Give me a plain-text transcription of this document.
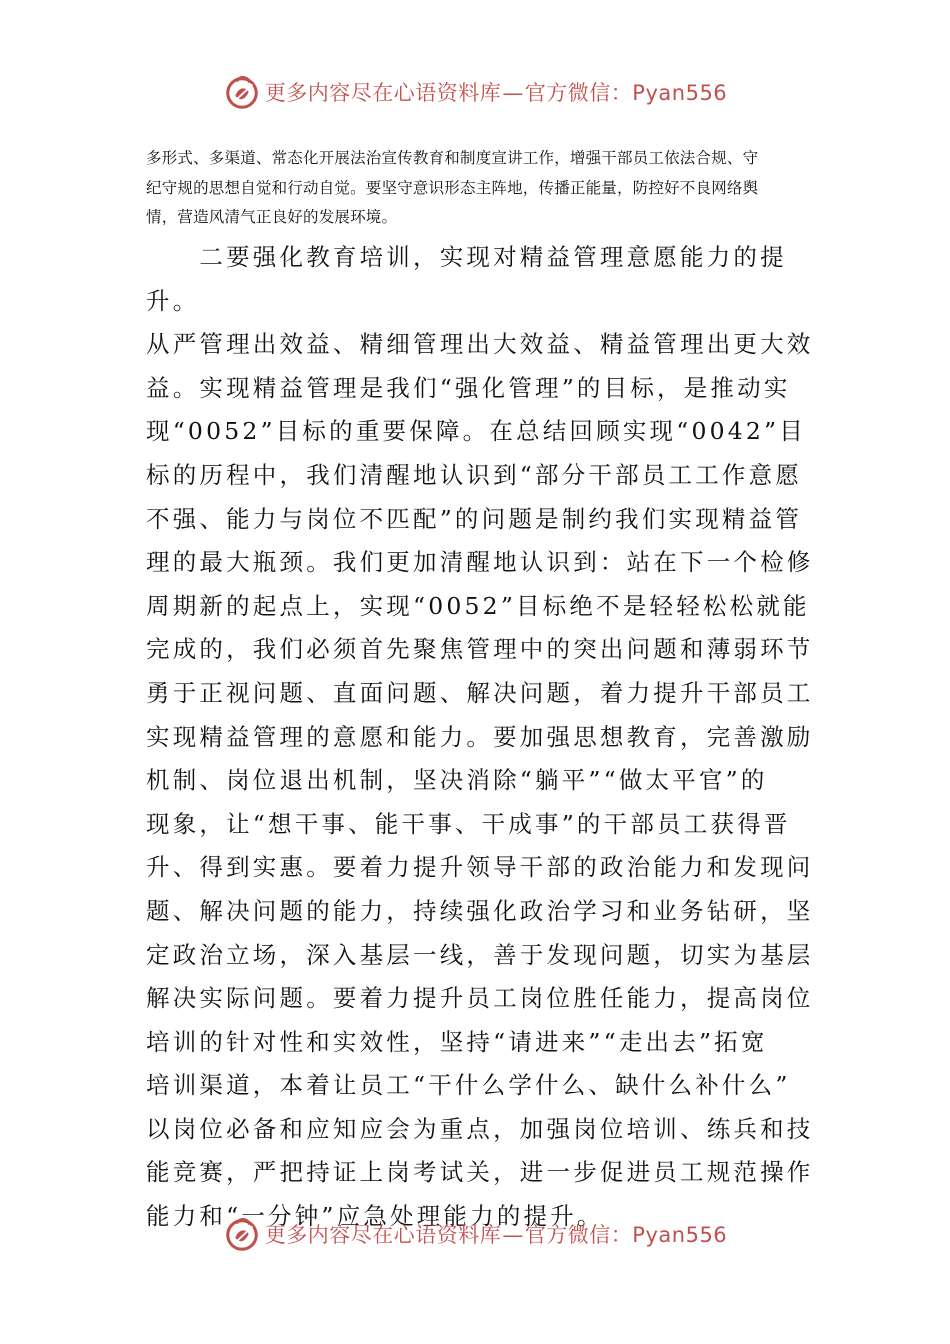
更多内容尽在心语资料库—官方微信：Pyan556

多形式、多渠道、常态化开展法治宣传教育和制度宣讲工作，增强干部员工依法合规、守
纪守规的思想自觉和行动自觉。要坚守意识形态主阵地，传播正能量，防控好不良网络舆
情，营造风清气正良好的发展环境。

　　二要强化教育培训，实现对精益管理意愿能力的提升。
从严管理出效益、精细管理出大效益、精益管理出更大效
益。实现精益管理是我们“强化管理”的目标，是推动实
现“0052”目标的重要保障。在总结回顾实现“0042”目
标的历程中，我们清醒地认识到“部分干部员工工作意愿
不强、能力与岗位不匹配”的问题是制约我们实现精益管
理的最大瓶颈。我们更加清醒地认识到：站在下一个检修
周期新的起点上，实现“0052”目标绝不是轻轻松松就能
完成的，我们必须首先聚焦管理中的突出问题和薄弱环节
勇于正视问题、直面问题、解决问题，着力提升干部员工
实现精益管理的意愿和能力。要加强思想教育，完善激励
机制、岗位退出机制，坚决消除“躺平”“做太平官”的
现象，让“想干事、能干事、干成事”的干部员工获得晋
升、得到实惠。要着力提升领导干部的政治能力和发现问
题、解决问题的能力，持续强化政治学习和业务钻研，坚
定政治立场，深入基层一线，善于发现问题，切实为基层
解决实际问题。要着力提升员工岗位胜任能力，提高岗位
培训的针对性和实效性，坚持“请进来”“走出去”拓宽
培训渠道，本着让员工“干什么学什么、缺什么补什么”
以岗位必备和应知应会为重点，加强岗位培训、练兵和技
能竞赛，严把持证上岗考试关，进一步促进员工规范操作
能力和“一分钟”应急处理能力的提升。

更多内容尽在心语资料库—官方微信：Pyan556
